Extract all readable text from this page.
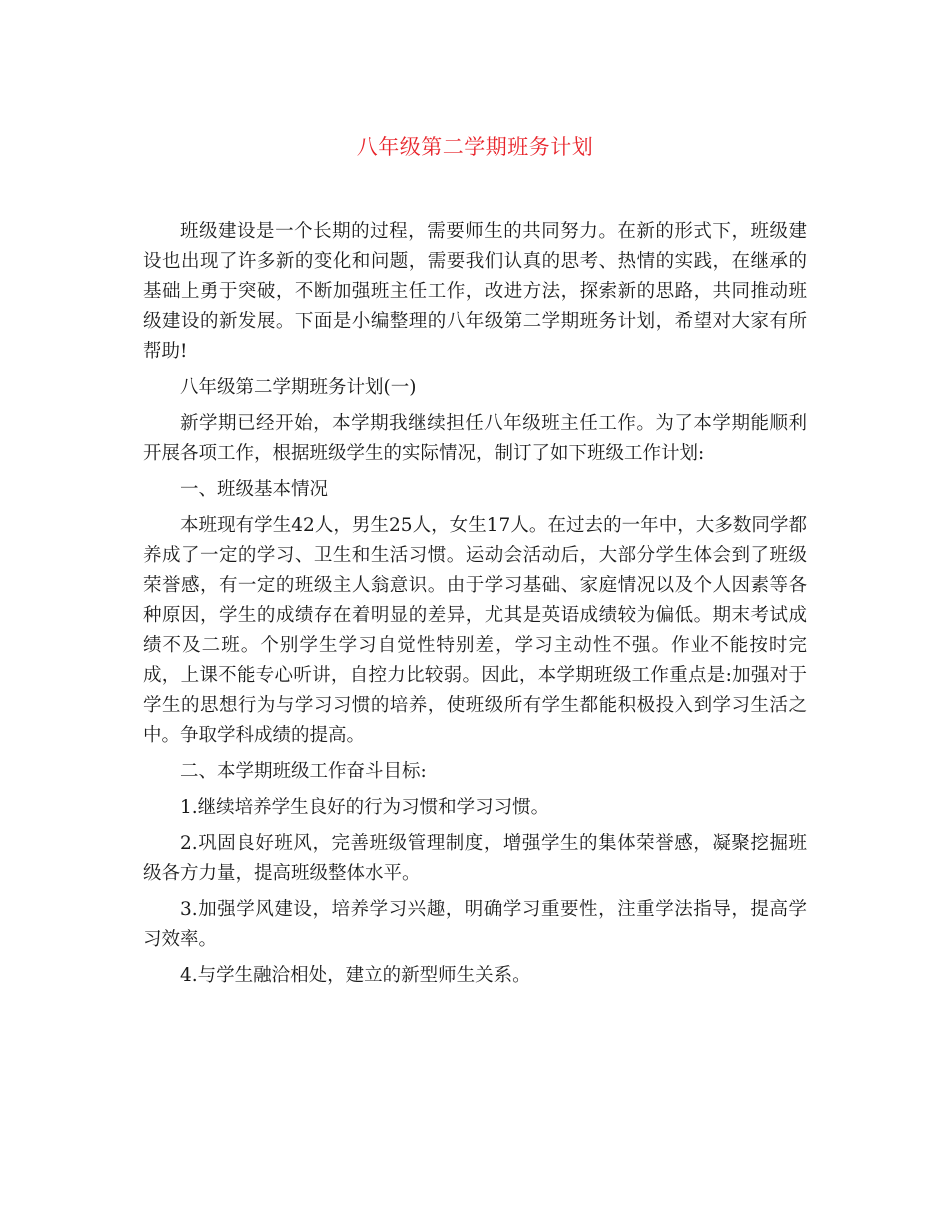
八年级第二学期班务计划

班级建设是一个长期的过程，需要师生的共同努力。在新的形式下，班级建设也出现了许多新的变化和问题，需要我们认真的思考、热情的实践，在继承的基础上勇于突破，不断加强班主任工作，改进方法，探索新的思路，共同推动班级建设的新发展。下面是小编整理的八年级第二学期班务计划，希望对大家有所帮助!

八年级第二学期班务计划(一)

新学期已经开始，本学期我继续担任八年级班主任工作。为了本学期能顺利开展各项工作，根据班级学生的实际情况，制订了如下班级工作计划:

一、班级基本情况

本班现有学生42人，男生25人，女生17人。在过去的一年中，大多数同学都养成了一定的学习、卫生和生活习惯。运动会活动后，大部分学生体会到了班级荣誉感，有一定的班级主人翁意识。由于学习基础、家庭情况以及个人因素等各种原因，学生的成绩存在着明显的差异，尤其是英语成绩较为偏低。期末考试成绩不及二班。个别学生学习自觉性特别差，学习主动性不强。作业不能按时完成，上课不能专心听讲，自控力比较弱。因此，本学期班级工作重点是:加强对于学生的思想行为与学习习惯的培养，使班级所有学生都能积极投入到学习生活之中。争取学科成绩的提高。

二、本学期班级工作奋斗目标:

1.继续培养学生良好的行为习惯和学习习惯。

2.巩固良好班风，完善班级管理制度，增强学生的集体荣誉感，凝聚挖掘班级各方力量，提高班级整体水平。

3.加强学风建设，培养学习兴趣，明确学习重要性，注重学法指导，提高学习效率。

4.与学生融洽相处，建立的新型师生关系。
